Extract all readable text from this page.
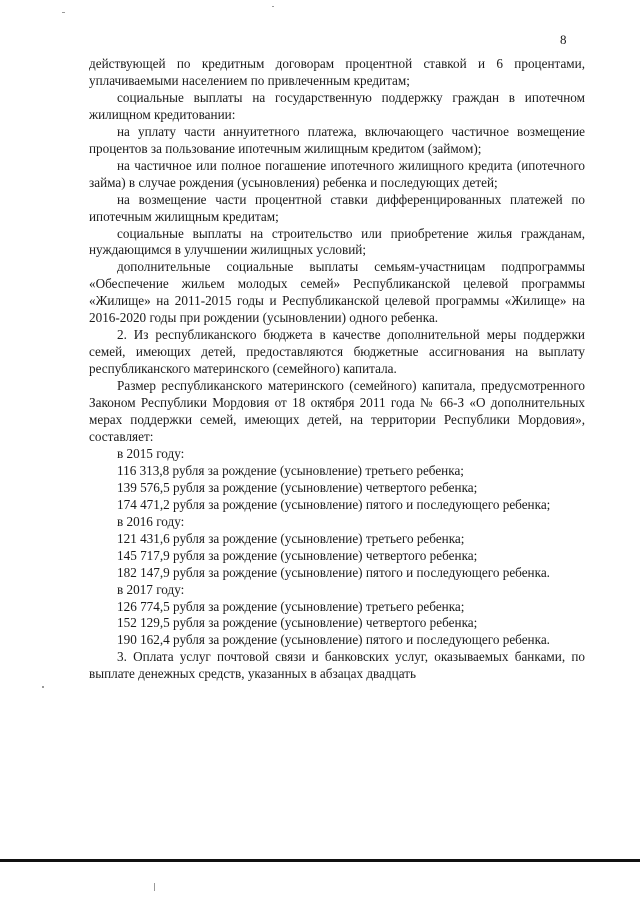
8

действующей по кредитным договорам процентной ставкой и 6 процентами, уплачиваемыми населением по привлеченным кредитам;

социальные выплаты на государственную поддержку граждан в ипотечном жилищном кредитовании:

на уплату части аннуитетного платежа, включающего частичное возмещение процентов за пользование ипотечным жилищным кредитом (займом);

на частичное или полное погашение ипотечного жилищного кредита (ипотечного займа) в случае рождения (усыновления) ребенка и последующих детей;

на возмещение части процентной ставки дифференцированных платежей по ипотечным жилищным кредитам;

социальные выплаты на строительство или приобретение жилья гражданам, нуждающимся в улучшении жилищных условий;

дополнительные социальные выплаты семьям-участницам подпрограммы «Обеспечение жильем молодых семей» Республиканской целевой программы «Жилище» на 2011-2015 годы и Республиканской целевой программы «Жилище» на 2016-2020 годы при рождении (усыновлении) одного ребенка.

2. Из республиканского бюджета в качестве дополнительной меры поддержки семей, имеющих детей, предоставляются бюджетные ассигнования на выплату республиканского материнского (семейного) капитала.

Размер республиканского материнского (семейного) капитала, предусмотренного Законом Республики Мордовия от 18 октября 2011 года № 66-З «О дополнительных мерах поддержки семей, имеющих детей, на территории Республики Мордовия», составляет:

в 2015 году:

116 313,8 рубля за рождение (усыновление) третьего ребенка;

139 576,5 рубля за рождение (усыновление) четвертого ребенка;

174 471,2 рубля за рождение (усыновление) пятого и последующего ребенка;

в 2016 году:

121 431,6 рубля за рождение (усыновление) третьего ребенка;

145 717,9 рубля за рождение (усыновление) четвертого ребенка;

182 147,9 рубля за рождение (усыновление) пятого и последующего ребенка.

в 2017 году:

126 774,5 рубля за рождение (усыновление) третьего ребенка;

152 129,5 рубля за рождение (усыновление) четвертого ребенка;

190 162,4 рубля за рождение (усыновление) пятого и последующего ребенка.

3. Оплата услуг почтовой связи и банковских услуг, оказываемых банками, по выплате денежных средств, указанных в абзацах двадцать
